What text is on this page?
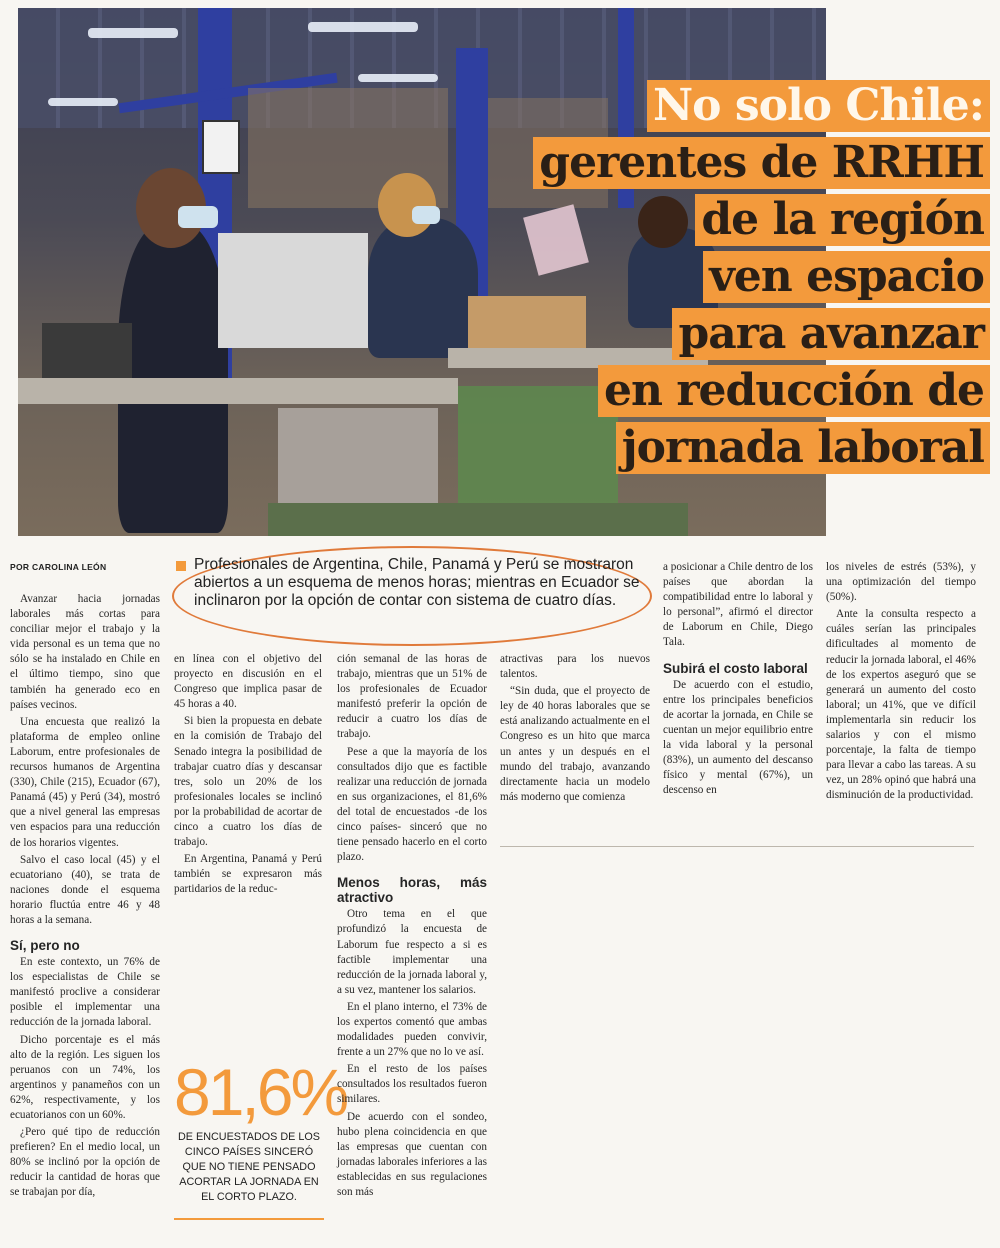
No solo Chile:
gerentes de RRHH
de la región
ven espacio
para avanzar
en reducción de
jornada laboral
POR CAROLINA LEÓN	Profesionales de Argentina, Chile, Panamá y Perú se mostraron abiertos a un esquema de menos horas; mientras en Ecuador se inclinaron por la opción de contar con sistema de cuatro días.

Avanzar hacia jornadas laborales más cortas para conciliar mejor el trabajo y la vida personal es un tema que no sólo se ha instalado en Chile en el último tiempo, sino que también ha generado eco en países vecinos.

Una encuesta que realizó la plataforma de empleo online Laborum, entre profesionales de recursos humanos de Argentina (330), Chile (215), Ecuador (67), Panamá (45) y Perú (34), mostró que a nivel general las empresas ven espacios para una reducción de los horarios vigentes.

Salvo el caso local (45) y el ecuatoriano (40), se trata de naciones donde el esquema horario fluctúa entre 46 y 48 horas a la semana.

Sí, pero no

En este contexto, un 76% de los especialistas de Chile se manifestó proclive a considerar posible el implementar una reducción de la jornada laboral.

Dicho porcentaje es el más alto de la región. Les siguen los peruanos con un 74%, los argentinos y panameños con un 62%, respectivamente, y los ecuatorianos con un 60%.

¿Pero qué tipo de reducción prefieren? En el medio local, un 80% se inclinó por la opción de reducir la cantidad de horas que se trabajan por día,

en línea con el objetivo del proyecto en discusión en el Congreso que implica pasar de 45 horas a 40.

Si bien la propuesta en debate en la comisión de Trabajo del Senado integra la posibilidad de trabajar cuatro días y descansar tres, solo un 20% de los profesionales locales se inclinó por la probabilidad de acortar de cinco a cuatro los días de trabajo.

En Argentina, Panamá y Perú también se expresaron más partidarios de la reduc-

81,6%
DE ENCUESTADOS DE LOS CINCO PAÍSES SINCERÓ QUE NO TIENE PENSADO ACORTAR LA JORNADA EN EL CORTO PLAZO.

ción semanal de las horas de trabajo, mientras que un 51% de los profesionales de Ecuador manifestó preferir la opción de reducir a cuatro los días de trabajo.

Pese a que la mayoría de los consultados dijo que es factible realizar una reducción de jornada en sus organizaciones, el 81,6% del total de encuestados -de los cinco países- sinceró que no tiene pensado hacerlo en el corto plazo.

Menos horas, más atractivo

Otro tema en el que profundizó la encuesta de Laborum fue respecto a si es factible implementar una reducción de la jornada laboral y, a su vez, mantener los salarios.

En el plano interno, el 73% de los expertos comentó que ambas modalidades pueden convivir, frente a un 27% que no lo ve así.

En el resto de los países consultados los resultados fueron similares.

De acuerdo con el sondeo, hubo plena coincidencia en que las empresas que cuentan con jornadas laborales inferiores a las establecidas en sus regulaciones son más

atractivas para los nuevos talentos.

“Sin duda, que el proyecto de ley de 40 horas laborales que se está analizando actualmente en el Congreso es un hito que marca un antes y un después en el mundo del trabajo, avanzando directamente hacia un modelo más moderno que comienza

a posicionar a Chile dentro de los países que abordan la compatibilidad entre lo laboral y lo personal”, afirmó el director de Laborum en Chile, Diego Tala.

Subirá el costo laboral

De acuerdo con el estudio, entre los principales beneficios de acortar la jornada, en Chile se cuentan un mejor equilibrio entre la vida laboral y la personal (83%), un aumento del descanso físico y mental (67%), un descenso en

los niveles de estrés (53%), y una optimización del tiempo (50%).

Ante la consulta respecto a cuáles serían las principales dificultades al momento de reducir la jornada laboral, el 46% de los expertos aseguró que se generará un aumento del costo laboral; un 41%, que ve difícil implementarla sin reducir los salarios y con el mismo porcentaje, la falta de tiempo para llevar a cabo las tareas. A su vez, un 28% opinó que habrá una disminución de la productividad.
